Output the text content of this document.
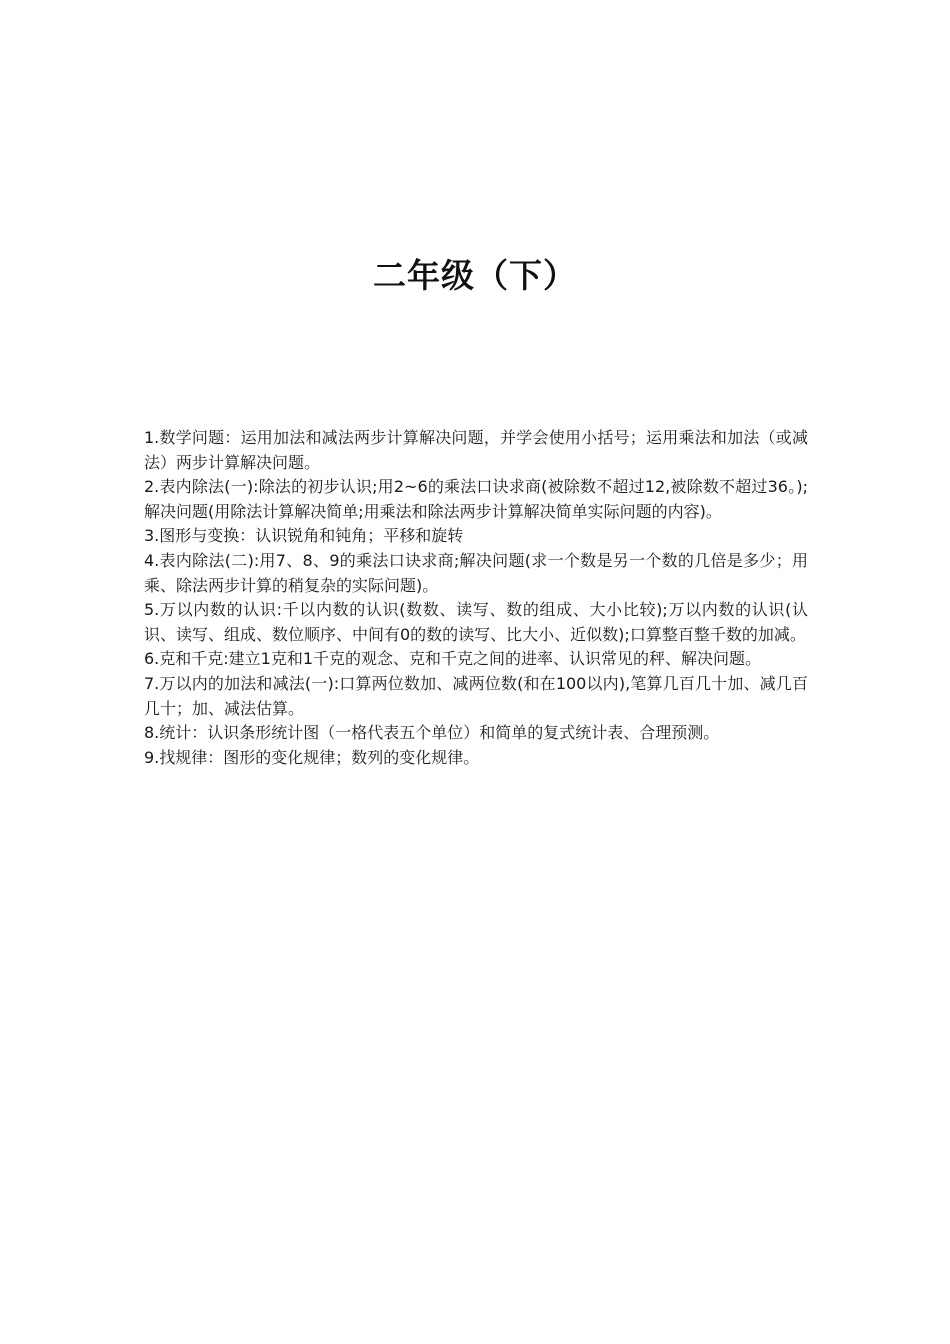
二年级（下）

1.数学问题：运用加法和减法两步计算解决问题，并学会使用小括号；运用乘法和加法（或减法）两步计算解决问题。

2.表内除法(一):除法的初步认识;用2~6的乘法口诀求商(被除数不超过12,被除数不超过36。);解决问题(用除法计算解决简单;用乘法和除法两步计算解决简单实际问题的内容)。

3.图形与变换：认识锐角和钝角；平移和旋转

4.表内除法(二):用7、8、9的乘法口诀求商;解决问题(求一个数是另一个数的几倍是多少；用乘、除法两步计算的稍复杂的实际问题)。

5.万以内数的认识:千以内数的认识(数数、读写、数的组成、大小比较);万以内数的认识(认识、读写、组成、数位顺序、中间有0的数的读写、比大小、近似数);口算整百整千数的加减。

6.克和千克:建立1克和1千克的观念、克和千克之间的进率、认识常见的秤、解决问题。

7.万以内的加法和减法(一):口算两位数加、减两位数(和在100以内),笔算几百几十加、减几百几十；加、减法估算。

8.统计：认识条形统计图（一格代表五个单位）和简单的复式统计表、合理预测。

9.找规律：图形的变化规律；数列的变化规律。
